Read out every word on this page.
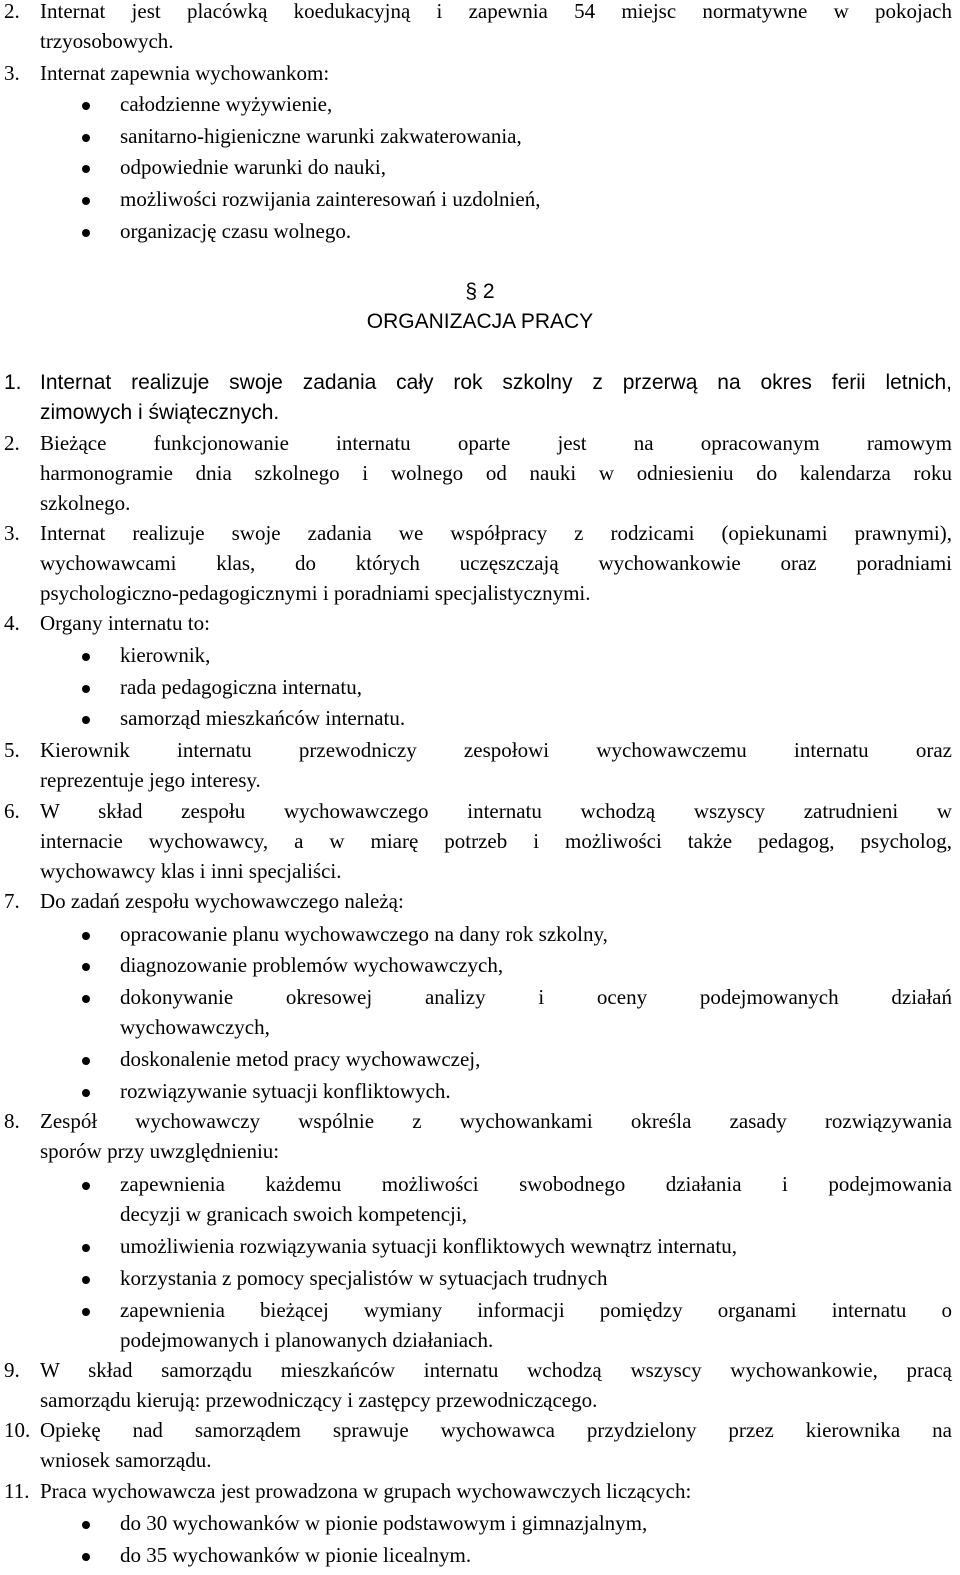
2. Internat jest placówką koedukacyjną i zapewnia 54 miejsc normatywne w pokojach
trzyosobowych.
3. Internat zapewnia wychowankom:
całodzienne wyżywienie,
sanitarno-higieniczne warunki zakwaterowania,
odpowiednie warunki do nauki,
możliwości rozwijania zainteresowań i uzdolnień,
organizację czasu wolnego.
§ 2
ORGANIZACJA PRACY
1. Internat realizuje swoje zadania cały rok szkolny z przerwą na okres ferii letnich,
zimowych i świątecznych.
2. Bieżące funkcjonowanie internatu oparte jest na opracowanym ramowym
harmonogramie dnia szkolnego i wolnego od nauki w odniesieniu do kalendarza roku
szkolnego.
3. Internat realizuje swoje zadania we współpracy z rodzicami (opiekunami prawnymi),
wychowawcami klas, do których uczęszczają wychowankowie oraz poradniami
psychologiczno-pedagogicznymi i poradniami specjalistycznymi.
4. Organy internatu to:
kierownik,
rada pedagogiczna internatu,
samorząd mieszkańców internatu.
5. Kierownik internatu przewodniczy zespołowi wychowawczemu internatu oraz
reprezentuje jego interesy.
6. W skład zespołu wychowawczego internatu wchodzą wszyscy zatrudnieni w
internacie wychowawcy, a w miarę potrzeb i możliwości także pedagog, psycholog,
wychowawcy klas i inni specjaliści.
7. Do zadań zespołu wychowawczego należą:
opracowanie planu wychowawczego na dany rok szkolny,
diagnozowanie problemów wychowawczych,
dokonywanie okresowej analizy i oceny podejmowanych działań
wychowawczych,
doskonalenie metod pracy wychowawczej,
rozwiązywanie sytuacji konfliktowych.
8. Zespół wychowawczy wspólnie z wychowankami określa zasady rozwiązywania
sporów przy uwzględnieniu:
zapewnienia każdemu możliwości swobodnego działania i podejmowania
decyzji w granicach swoich kompetencji,
umożliwienia rozwiązywania sytuacji konfliktowych wewnątrz internatu,
korzystania z pomocy specjalistów w sytuacjach trudnych
zapewnienia bieżącej wymiany informacji pomiędzy organami internatu o
podejmowanych i planowanych działaniach.
9. W skład samorządu mieszkańców internatu wchodzą wszyscy wychowankowie, pracą
samorządu kierują: przewodniczący i zastępcy przewodniczącego.
10. Opiekę nad samorządem sprawuje wychowawca przydzielony przez kierownika na
wniosek samorządu.
11. Praca wychowawcza jest prowadzona w grupach wychowawczych liczących:
do 30 wychowanków w pionie podstawowym i gimnazjalnym,
do 35 wychowanków w pionie licealnym.
